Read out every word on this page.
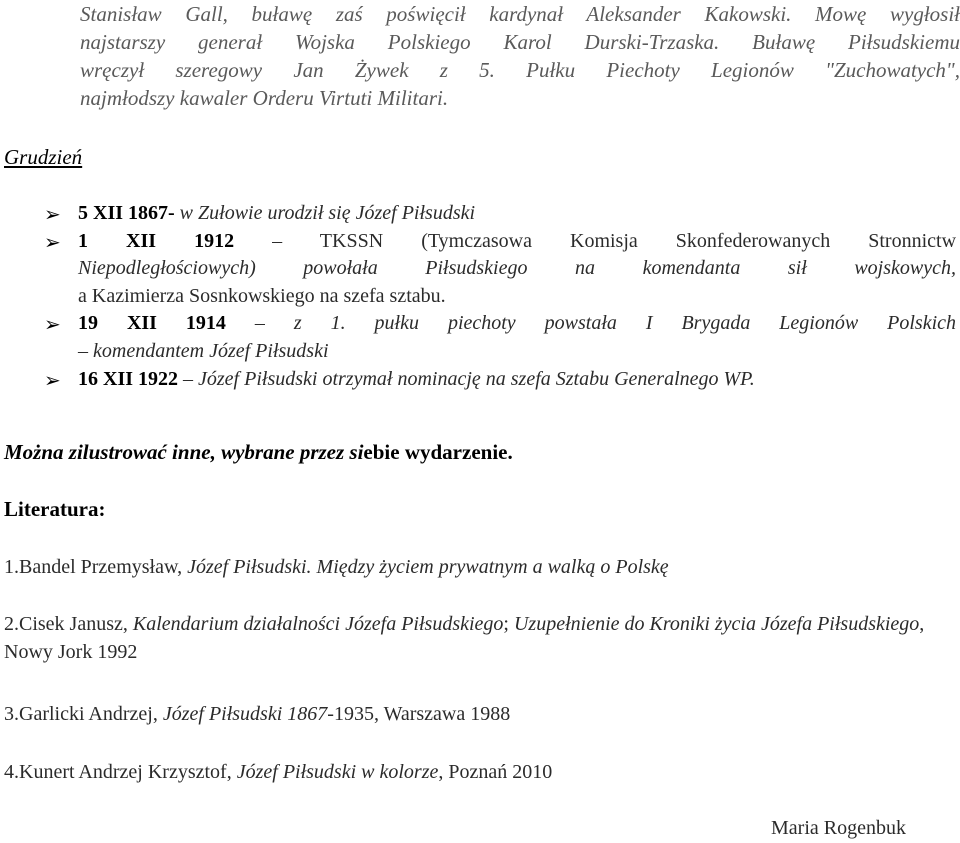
Stanisław Gall, buławę zaś poświęcił kardynał Aleksander Kakowski. Mowę wygłosił
najstarszy generał Wojska Polskiego Karol Durski-Trzaska. Buławę Piłsudskiemu
wręczył szeregowy Jan Żywek z 5. Pułku Piechoty Legionów "Zuchowatych",
najmłodszy kawaler Orderu Virtuti Militari.
Grudzień
➢ 5 XII 1867- w Zułowie urodził się Józef Piłsudski
➢ 1 XII 1912 – TKSSN (Tymczasowa Komisja Skonfederowanych Stronnictw
Niepodległościowych) powołała Piłsudskiego na komendanta sił wojskowych,
a Kazimierza Sosnkowskiego na szefa sztabu.
➢ 19 XII 1914 – z 1. pułku piechoty powstała I Brygada Legionów Polskich
– komendantem Józef Piłsudski
➢ 16 XII 1922 – Józef Piłsudski otrzymał nominację na szefa Sztabu Generalnego WP.
Można zilustrować inne, wybrane przez siebie wydarzenie.
Literatura:
1.Bandel Przemysław, Józef Piłsudski. Między życiem prywatnym a walką o Polskę
2.Cisek Janusz, Kalendarium działalności Józefa Piłsudskiego; Uzupełnienie do Kroniki życia Józefa Piłsudskiego, Nowy Jork 1992
3.Garlicki Andrzej, Józef Piłsudski 1867-1935, Warszawa 1988
4.Kunert Andrzej Krzysztof, Józef Piłsudski w kolorze, Poznań 2010
Maria Rogenbuk
